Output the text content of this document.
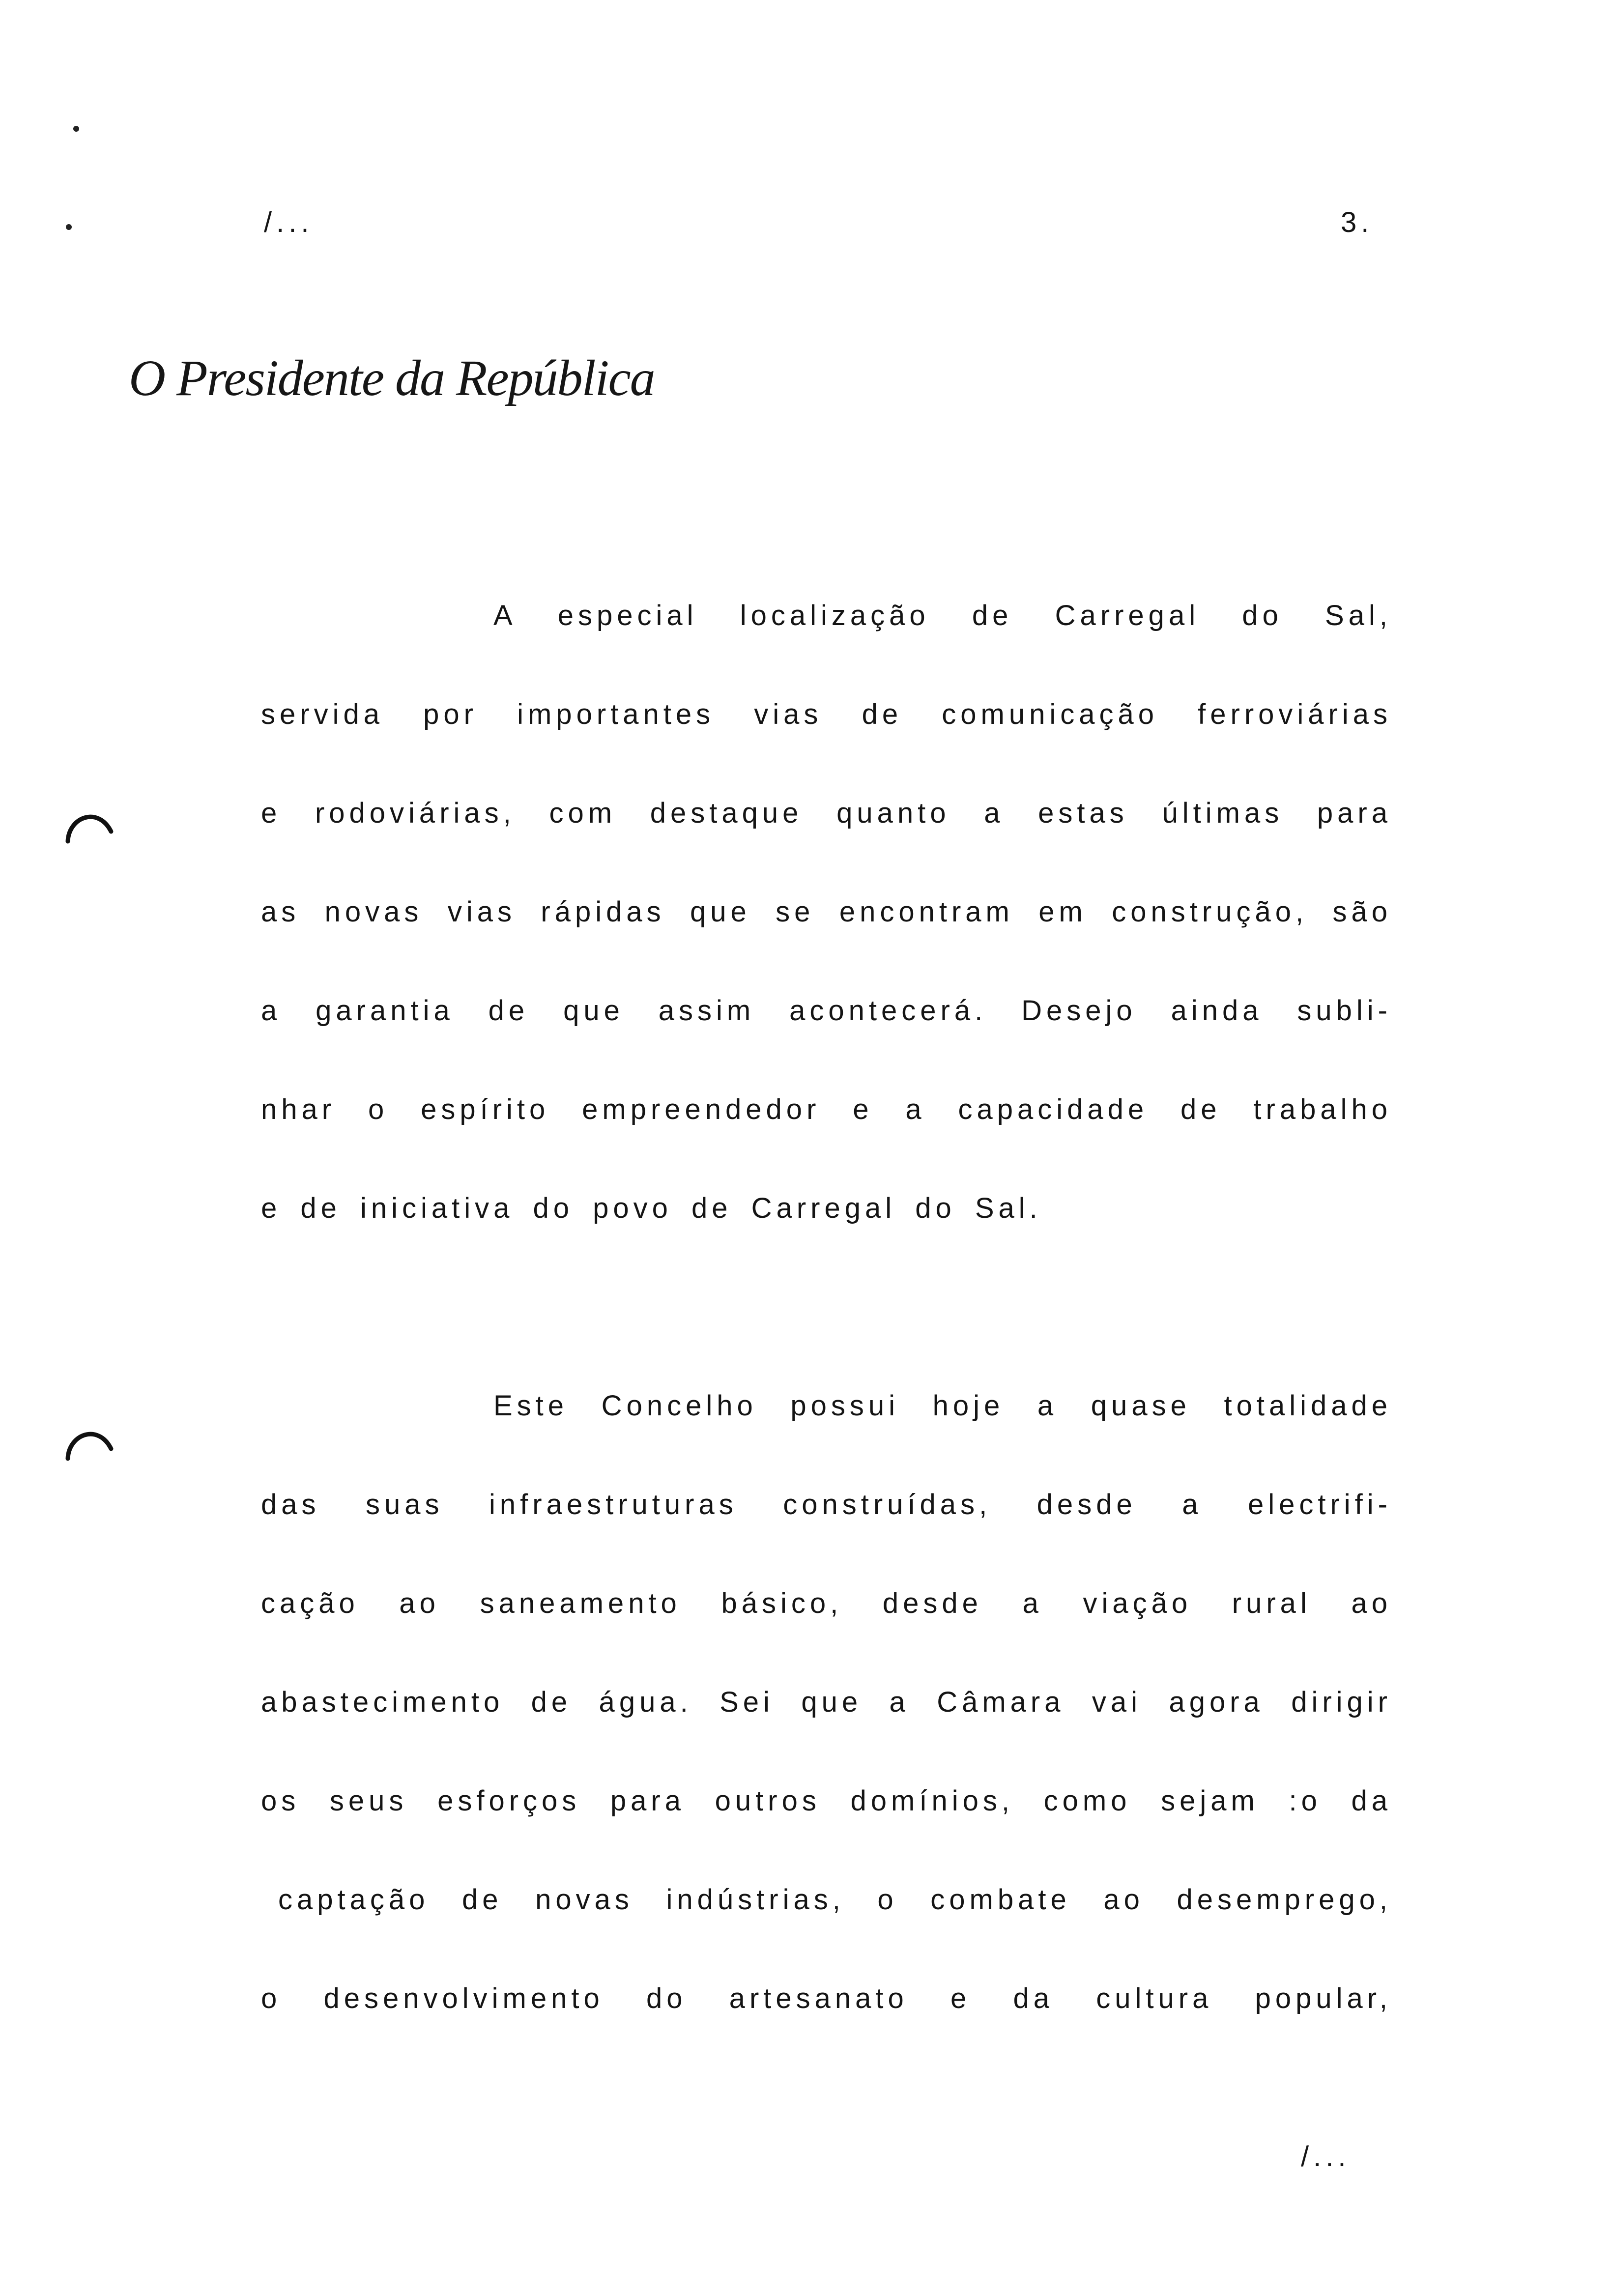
/...	3.
O Presidente da República
A especial localização de Carregal do Sal,
servida por importantes vias de comunicação ferroviárias
e rodoviárias, com destaque quanto a estas últimas para
as novas vias rápidas que se encontram em construção, são
a garantia de que assim acontecerá. Desejo ainda subli-
nhar o espírito empreendedor e a capacidade de trabalho
e de iniciativa do povo de Carregal do Sal.
Este Concelho possui hoje a quase totalidade
das suas infraestruturas construídas, desde a electrifi-
cação ao saneamento básico, desde a viação rural ao
abastecimento de água. Sei que a Câmara vai agora dirigir
os seus esforços para outros domínios, como sejam :o da
captação de novas indústrias, o combate ao desemprego,
o desenvolvimento do artesanato e da cultura popular,
/...
